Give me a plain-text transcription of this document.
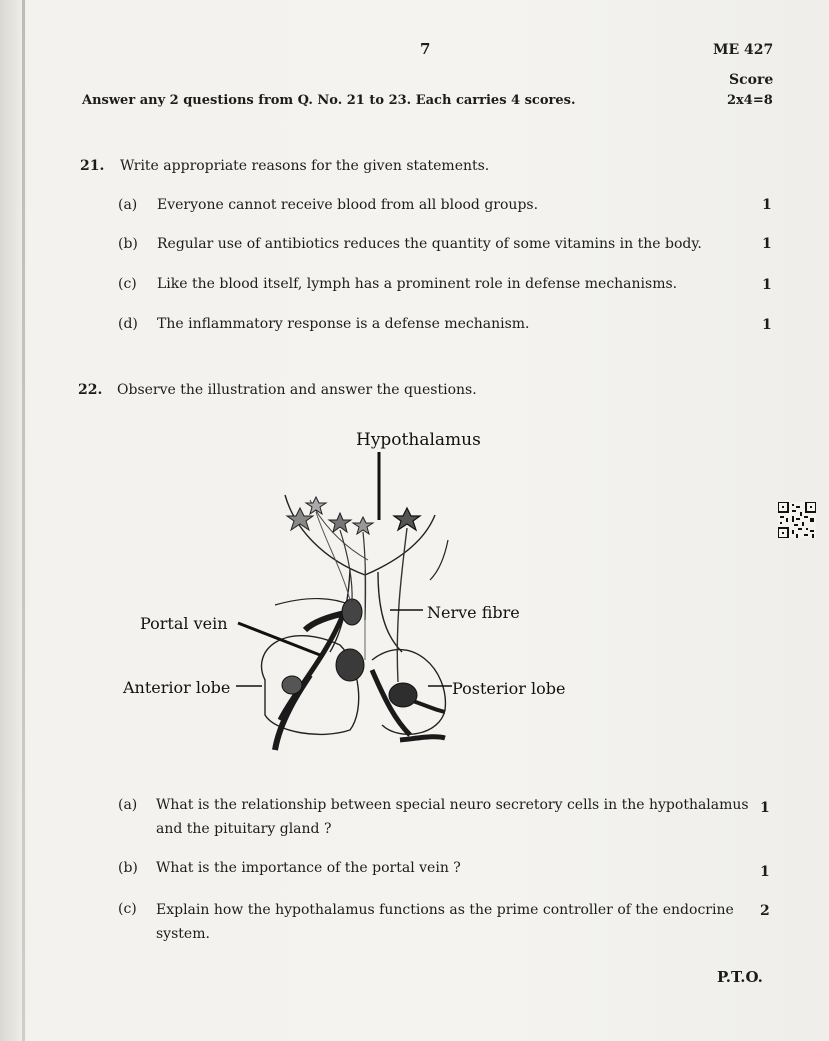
7	ME 427
Score
2x4=8
Answer any 2 questions from Q. No. 21 to 23. Each carries 4 scores.
21. Write appropriate reasons for the given statements.
(a) Everyone cannot receive blood from all blood groups.	1
(b) Regular use of antibiotics reduces the quantity of some vitamins in the body.	1
(c) Like the blood itself, lymph has a prominent role in defense mechanisms.	1
(d) The inflammatory response is a defense mechanism.	1
22. Observe the illustration and answer the questions.
Hypothalamus
Nerve fibre
Portal vein
Anterior lobe	Posterior lobe
(a) What is the relationship between special neuro secretory cells in the hypothalamus
and the pituitary gland ?
1
(b) What is the importance of the portal vein ?	1
(c) Explain how the hypothalamus functions as the prime controller of the endocrine
system.
2
P.T.O.
